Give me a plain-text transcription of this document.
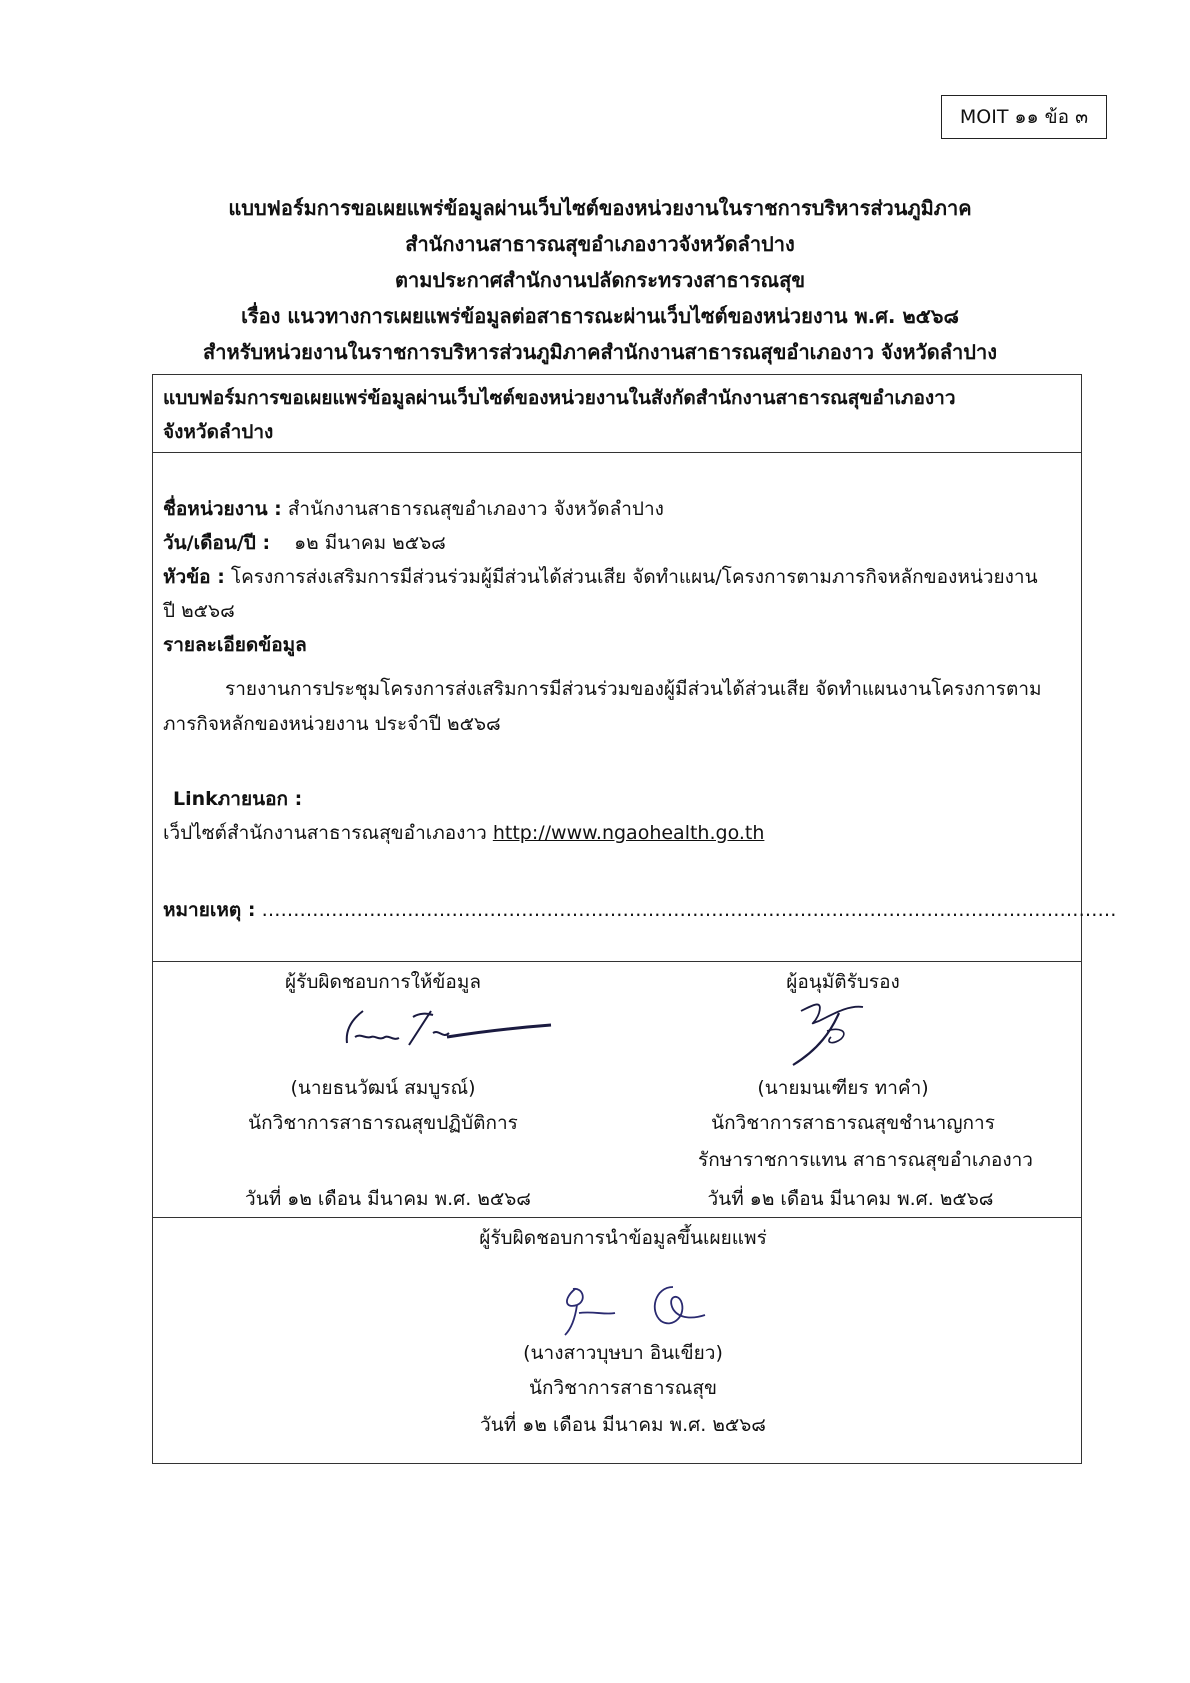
MOIT ๑๑ ข้อ ๓
แบบฟอร์มการขอเผยแพร่ข้อมูลผ่านเว็บไซต์ของหน่วยงานในราชการบริหารส่วนภูมิภาค
สำนักงานสาธารณสุขอำเภองาวจังหวัดลำปาง
ตามประกาศสำนักงานปลัดกระทรวงสาธารณสุข
เรื่อง แนวทางการเผยแพร่ข้อมูลต่อสาธารณะผ่านเว็บไซต์ของหน่วยงาน พ.ศ. ๒๕๖๘
สำหรับหน่วยงานในราชการบริหารส่วนภูมิภาคสำนักงานสาธารณสุขอำเภองาว จังหวัดลำปาง
แบบฟอร์มการขอเผยแพร่ข้อมูลผ่านเว็บไซต์ของหน่วยงานในสังกัดสำนักงานสาธารณสุขอำเภองาว
จังหวัดลำปาง
ชื่อหน่วยงาน : สำนักงานสาธารณสุขอำเภองาว จังหวัดลำปาง
วัน/เดือน/ปี : ๑๒ มีนาคม ๒๕๖๘
หัวข้อ : โครงการส่งเสริมการมีส่วนร่วมผู้มีส่วนได้ส่วนเสีย จัดทำแผน/โครงการตามภารกิจหลักของหน่วยงาน
ปี ๒๕๖๘
รายละเอียดข้อมูล
รายงานการประชุมโครงการส่งเสริมการมีส่วนร่วมของผู้มีส่วนได้ส่วนเสีย จัดทำแผนงานโครงการตาม
ภารกิจหลักของหน่วยงาน ประจำปี ๒๕๖๘
Linkภายนอก :
เว็ปไซต์สำนักงานสาธารณสุขอำเภองาว http://www.ngaohealth.go.th
หมายเหตุ : ………………………………………………………………………………………………………………………
ผู้รับผิดชอบการให้ข้อมูล
(นายธนวัฒน์ สมบูรณ์)
นักวิชาการสาธารณสุขปฏิบัติการ
วันที่ ๑๒ เดือน มีนาคม พ.ศ. ๒๕๖๘
ผู้อนุมัติรับรอง
(นายมนเฑียร ทาคำ)
นักวิชาการสาธารณสุขชำนาญการ
รักษาราชการแทน สาธารณสุขอำเภองาว
วันที่ ๑๒ เดือน มีนาคม พ.ศ. ๒๕๖๘
ผู้รับผิดชอบการนำข้อมูลขึ้นเผยแพร่
(นางสาวบุษบา อินเขียว)
นักวิชาการสาธารณสุข
วันที่ ๑๒ เดือน มีนาคม พ.ศ. ๒๕๖๘
